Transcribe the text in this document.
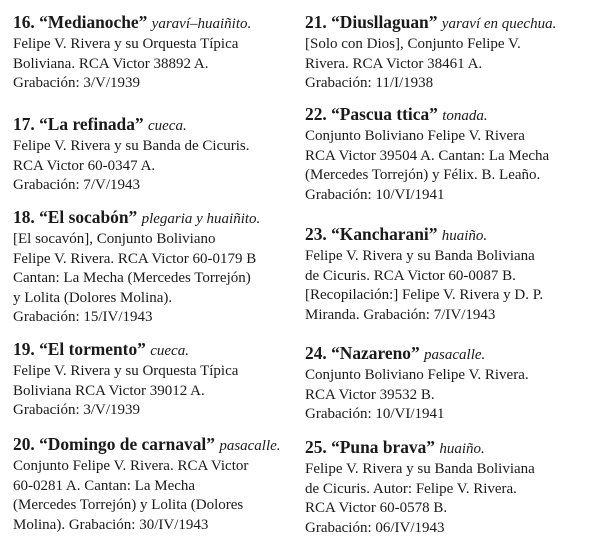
16. “Medianoche” yaraví–huaiñito.
Felipe V. Rivera y su Orquesta Típica
Boliviana. RCA Victor 38892 A.
Grabación: 3/V/1939
17. “La refinada” cueca.
Felipe V. Rivera y su Banda de Cicuris.
RCA Victor 60-0347 A.
Grabación: 7/V/1943
18. “El socabón” plegaria y huaiñito.
[El socavón], Conjunto Boliviano
Felipe V. Rivera. RCA Victor 60-0179 B
Cantan: La Mecha (Mercedes Torrejón)
y Lolita (Dolores Molina).
Grabación: 15/IV/1943
19. “El tormento” cueca.
Felipe V. Rivera y su Orquesta Típica
Boliviana RCA Victor 39012 A.
Grabación: 3/V/1939
20. “Domingo de carnaval” pasacalle.
Conjunto Felipe V. Rivera. RCA Victor
60-0281 A. Cantan: La Mecha
(Mercedes Torrejón) y Lolita (Dolores
Molina). Grabación: 30/IV/1943
21. “Diusllaguan” yaraví en quechua.
[Solo con Dios], Conjunto Felipe V.
Rivera. RCA Victor 38461 A.
Grabación: 11/I/1938
22. “Pascua ttica” tonada.
Conjunto Boliviano Felipe V. Rivera
RCA Victor 39504 A. Cantan: La Mecha
(Mercedes Torrejón) y Félix. B. Leaño.
Grabación: 10/VI/1941
23. “Kancharani” huaiño.
Felipe V. Rivera y su Banda Boliviana
de Cicuris. RCA Victor 60-0087 B.
[Recopilación:] Felipe V. Rivera y D. P.
Miranda. Grabación: 7/IV/1943
24. “Nazareno” pasacalle.
Conjunto Boliviano Felipe V. Rivera.
RCA Victor 39532 B.
Grabación: 10/VI/1941
25. “Puna brava” huaiño.
Felipe V. Rivera y su Banda Boliviana
de Cicuris. Autor: Felipe V. Rivera.
RCA Victor 60-0578 B.
Grabación: 06/IV/1943
